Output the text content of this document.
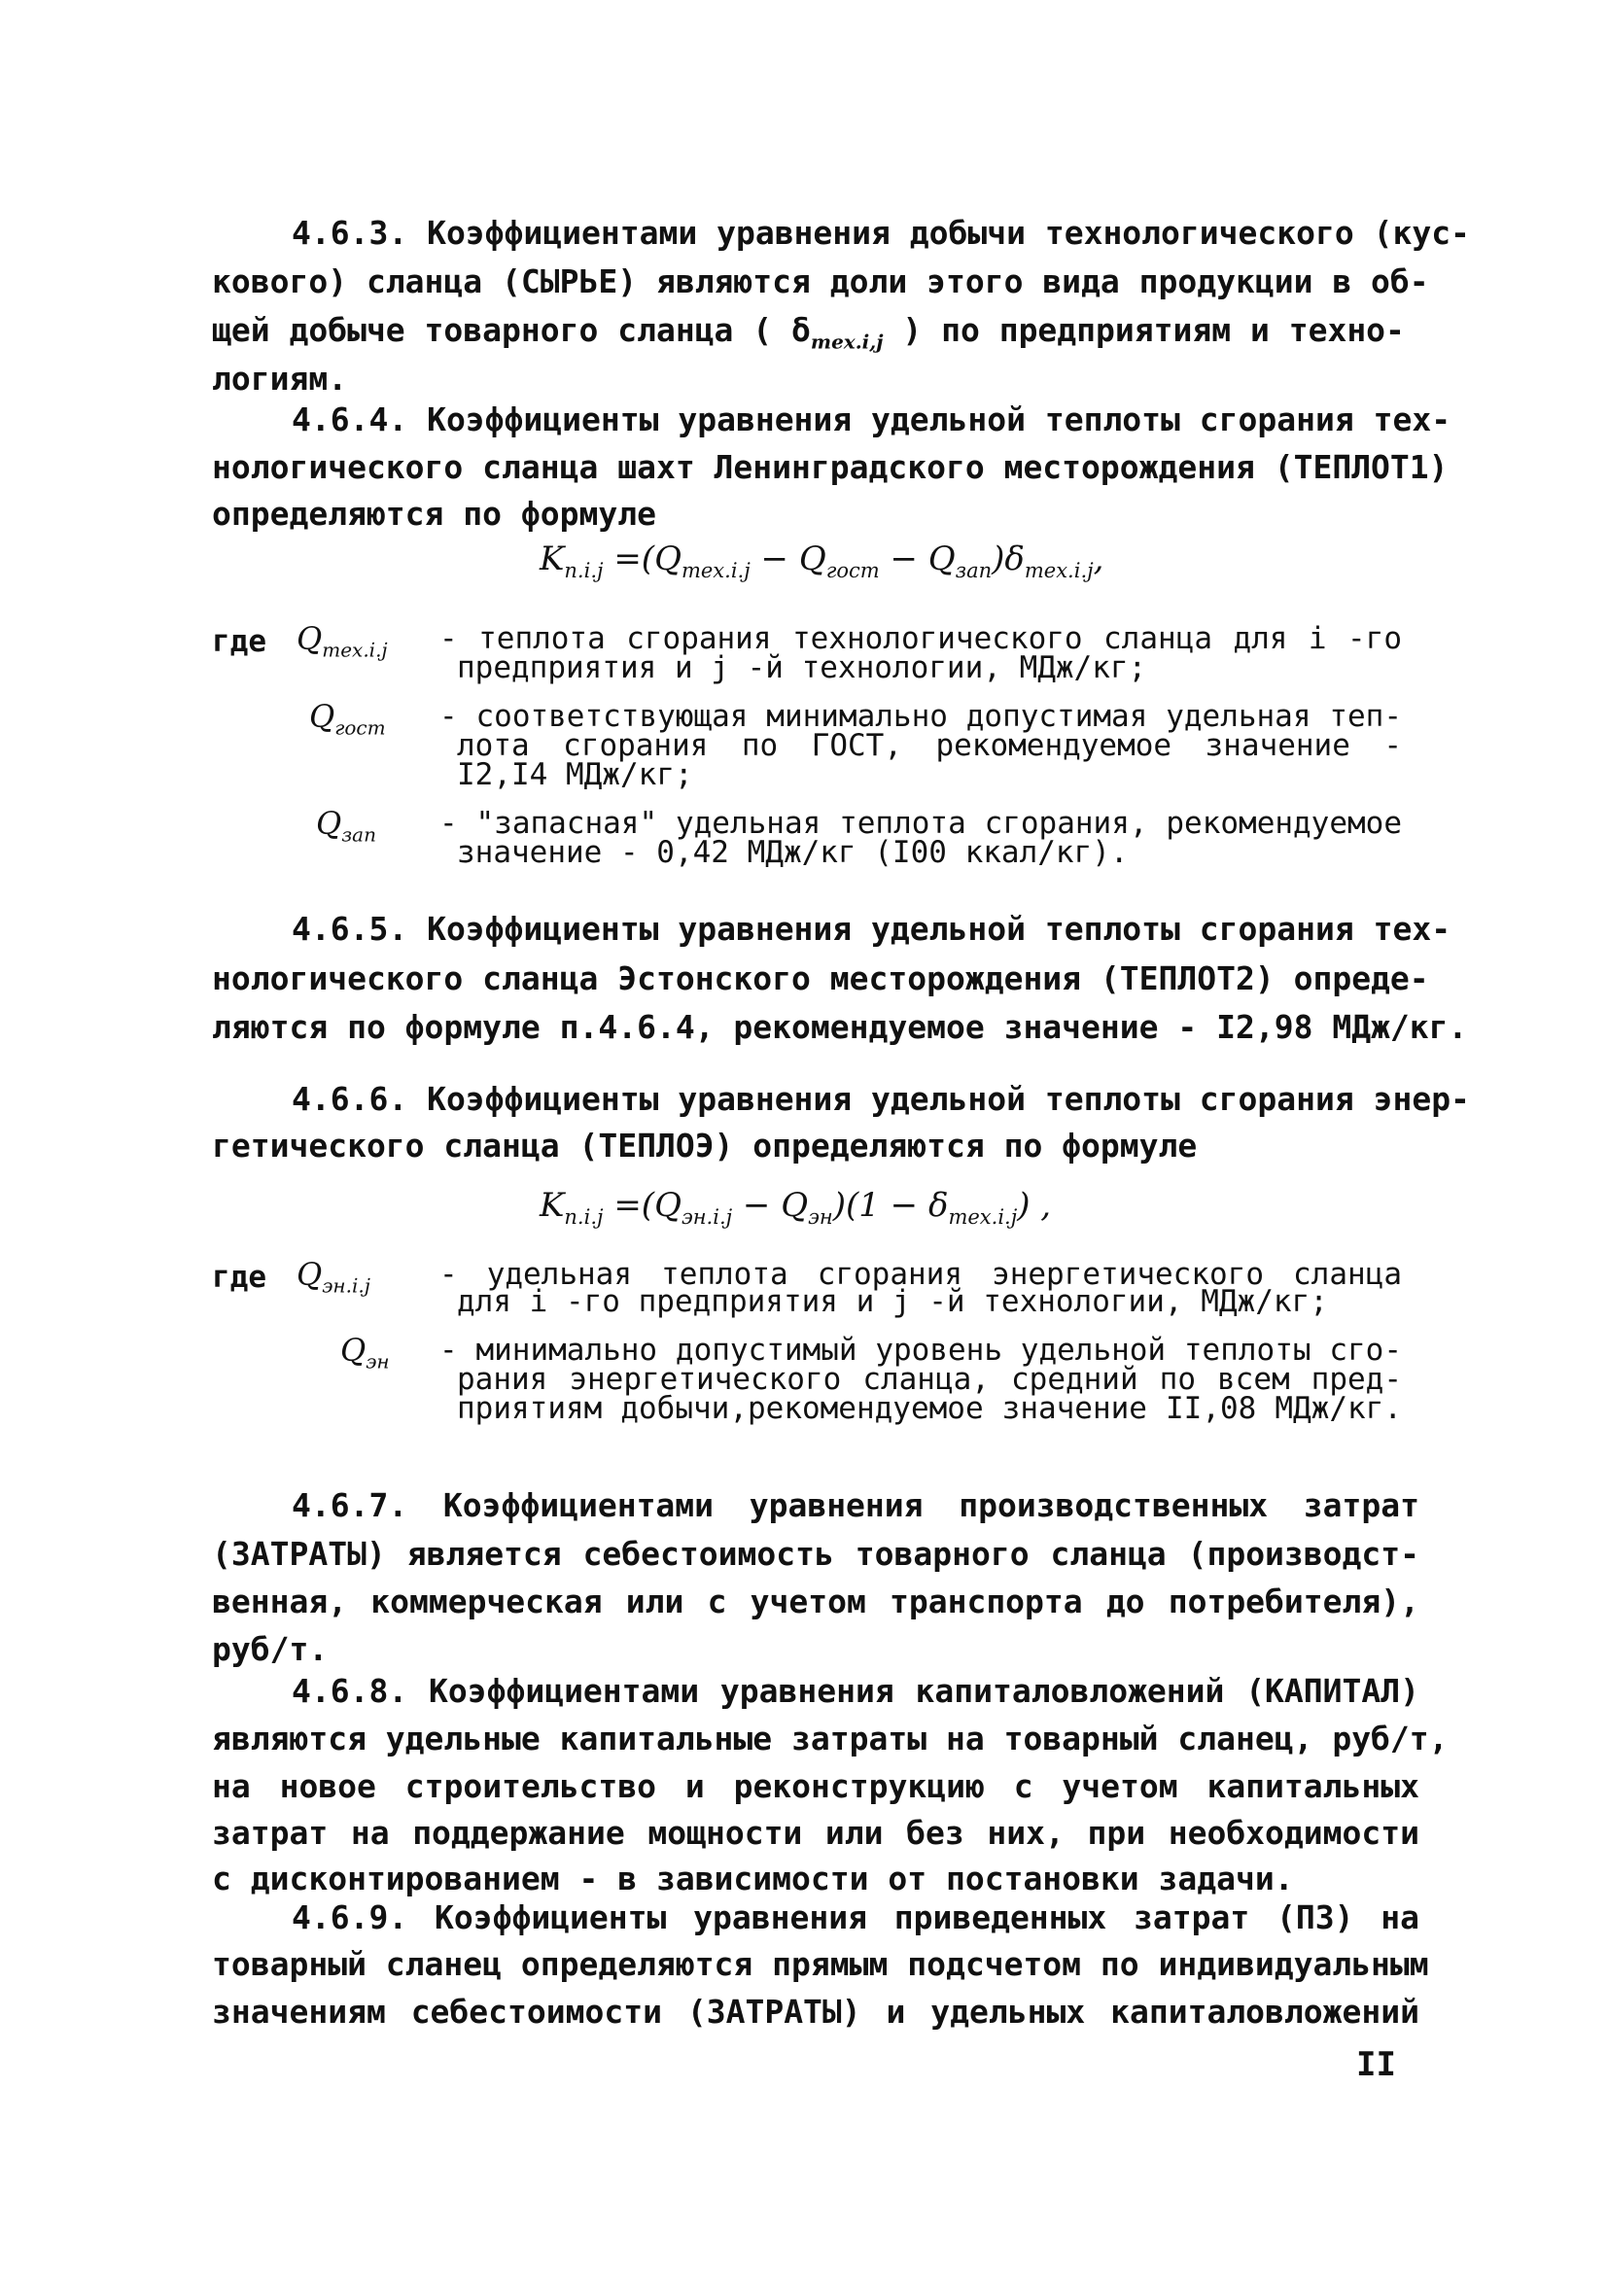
4.6.3. Коэффициентами уравнения добычи технологического (кус-
кового) сланца (СЫРЬЕ) являются доли этого вида продукции в об-
щей добыче товарного сланца ( $\delta_{тех.i,j}$ ) по предприятиям и техно-
логиям.
4.6.4. Коэффициенты уравнения удельной теплоты сгорания тех-
нологического сланца шахт Ленинградского месторождения (ТЕПЛОТ1)
определяются по формуле
$K_{п.i.j} =(Q_{тех.i.j} - Q_{гост} - Q_{зап})\delta_{тех.i.j}$,
где $Q_{тех.i.j}$ - теплота сгорания технологического сланца для i -го
предприятия и j -й технологии, МДж/кг;
$Q_{гост}$ - соответствующая минимально допустимая удельная теп-
лота сгорания по ГОСТ, рекомендуемое значение -
I2,I4 МДж/кг;
$Q_{зап}$ - "запасная" удельная теплота сгорания, рекомендуемое
значение - 0,42 МДж/кг (I00 ккал/кг).
4.6.5. Коэффициенты уравнения удельной теплоты сгорания тех-
нологического сланца Эстонского месторождения (ТЕПЛОТ2) опреде-
ляются по формуле п.4.6.4, рекомендуемое значение - I2,98 МДж/кг.
4.6.6. Коэффициенты уравнения удельной теплоты сгорания энер-
гетического сланца (ТЕПЛОЭ) определяются по формуле
$K_{п.i.j} =(Q_{эн.i.j} - Q_{эн})(1 - \delta_{тех.i.j})$ ,
где $Q_{эн.i.j}$ - удельная теплота сгорания энергетического сланца
для i -го предприятия и j -й технологии, МДж/кг;
$Q_{эн}$ - минимально допустимый уровень удельной теплоты сго-
рания энергетического сланца, средний по всем пред-
приятиям добычи,рекомендуемое значение II,08 МДж/кг.
4.6.7. Коэффициентами уравнения производственных затрат
(ЗАТРАТЫ) является себестоимость товарного сланца (производст-
венная, коммерческая или с учетом транспорта до потребителя),
руб/т.
4.6.8. Коэффициентами уравнения капиталовложений (КАПИТАЛ)
являются удельные капитальные затраты на товарный сланец, руб/т,
на новое строительство и реконструкцию с учетом капитальных
затрат на поддержание мощности или без них, при необходимости
с дисконтированием - в зависимости от постановки задачи.
4.6.9. Коэффициенты уравнения приведенных затрат (ПЗ) на
товарный сланец определяются прямым подсчетом по индивидуальным
значениям себестоимости (ЗАТРАТЫ) и удельных капиталовложений
II
